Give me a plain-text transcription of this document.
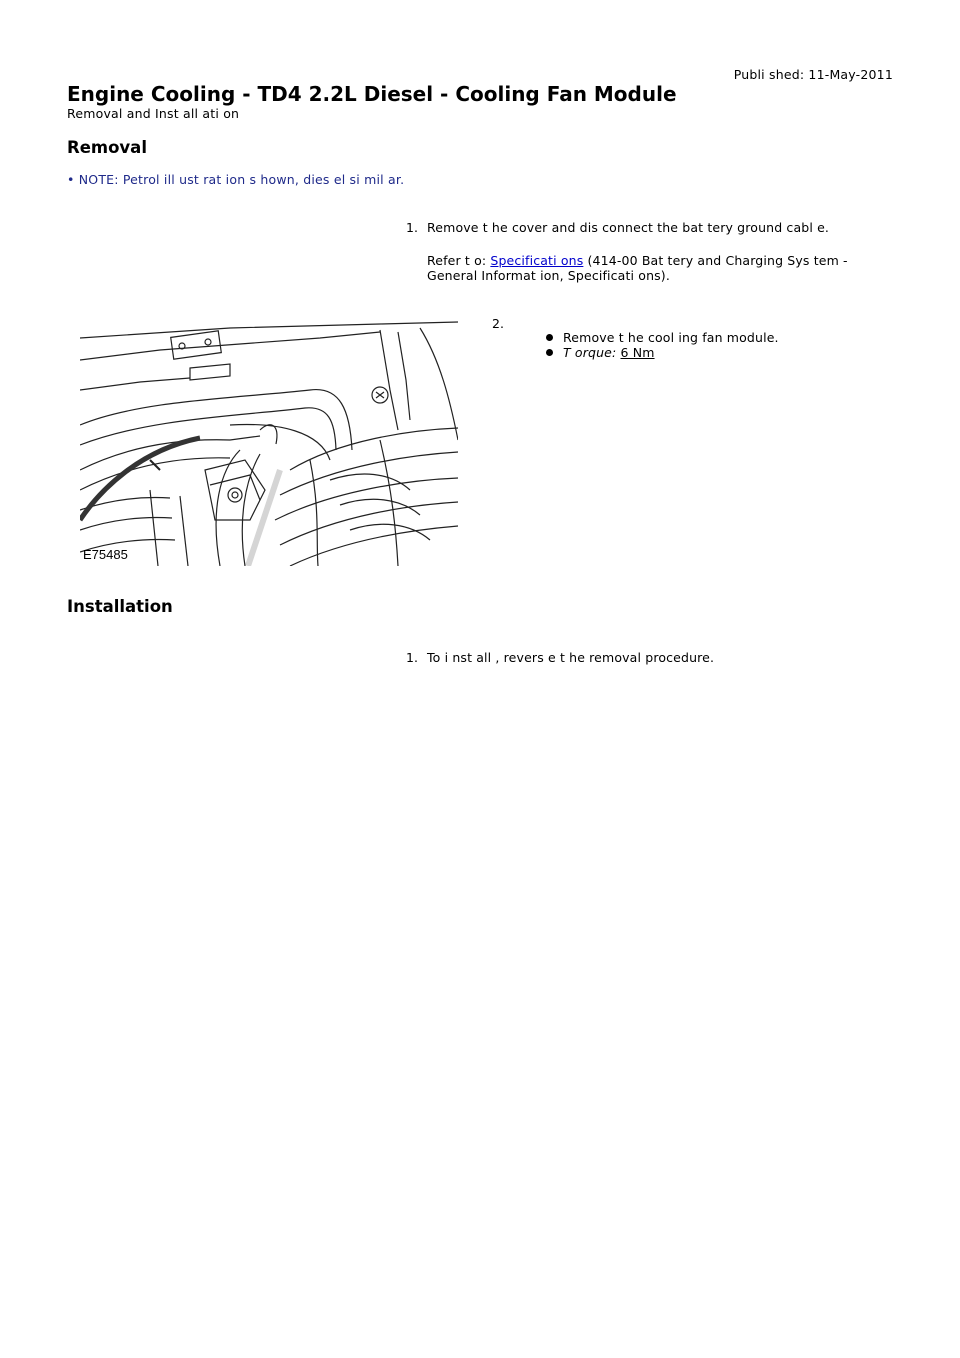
Publi shed: 11-May-2011
Engine Cooling - TD4 2.2L Diesel - Cooling Fan Module
Removal and Inst all ati on
Removal
• NOTE: Petrol ill ust rat ion s hown, dies el si mil ar.
1. Remove t he cover and dis connect the bat tery ground cabl e.
Refer t o: Specificati ons (414-00 Bat tery and Charging Sys tem -
General Informat ion, Specificati ons).
2.
Remove t he cool ing fan module.
T orque: 6 Nm
E75485
Installation
1. To i nst all , revers e t he removal procedure.
